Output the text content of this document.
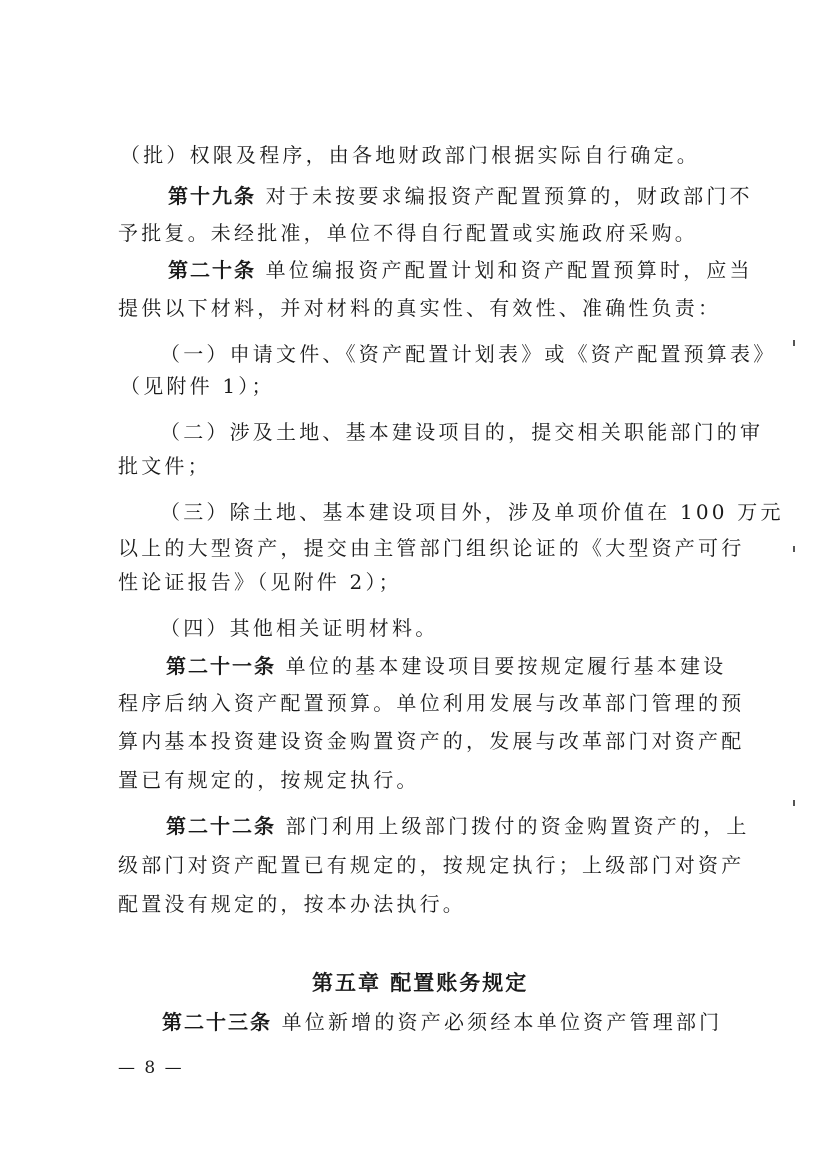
（批）权限及程序，由各地财政部门根据实际自行确定。
第十九条 对于未按要求编报资产配置预算的，财政部门不
予批复。未经批准，单位不得自行配置或实施政府采购。
第二十条 单位编报资产配置计划和资产配置预算时，应当
提供以下材料，并对材料的真实性、有效性、准确性负责：
（一）申请文件、《资产配置计划表》或《资产配置预算表》
（见附件 1）；
（二）涉及土地、基本建设项目的，提交相关职能部门的审
批文件；
（三）除土地、基本建设项目外，涉及单项价值在 100 万元
以上的大型资产，提交由主管部门组织论证的《大型资产可行
性论证报告》（见附件 2）；
（四）其他相关证明材料。
第二十一条 单位的基本建设项目要按规定履行基本建设
程序后纳入资产配置预算。单位利用发展与改革部门管理的预
算内基本投资建设资金购置资产的，发展与改革部门对资产配
置已有规定的，按规定执行。
第二十二条 部门利用上级部门拨付的资金购置资产的，上
级部门对资产配置已有规定的，按规定执行；上级部门对资产
配置没有规定的，按本办法执行。
第五章 配置账务规定
第二十三条 单位新增的资产必须经本单位资产管理部门
— 8 —
